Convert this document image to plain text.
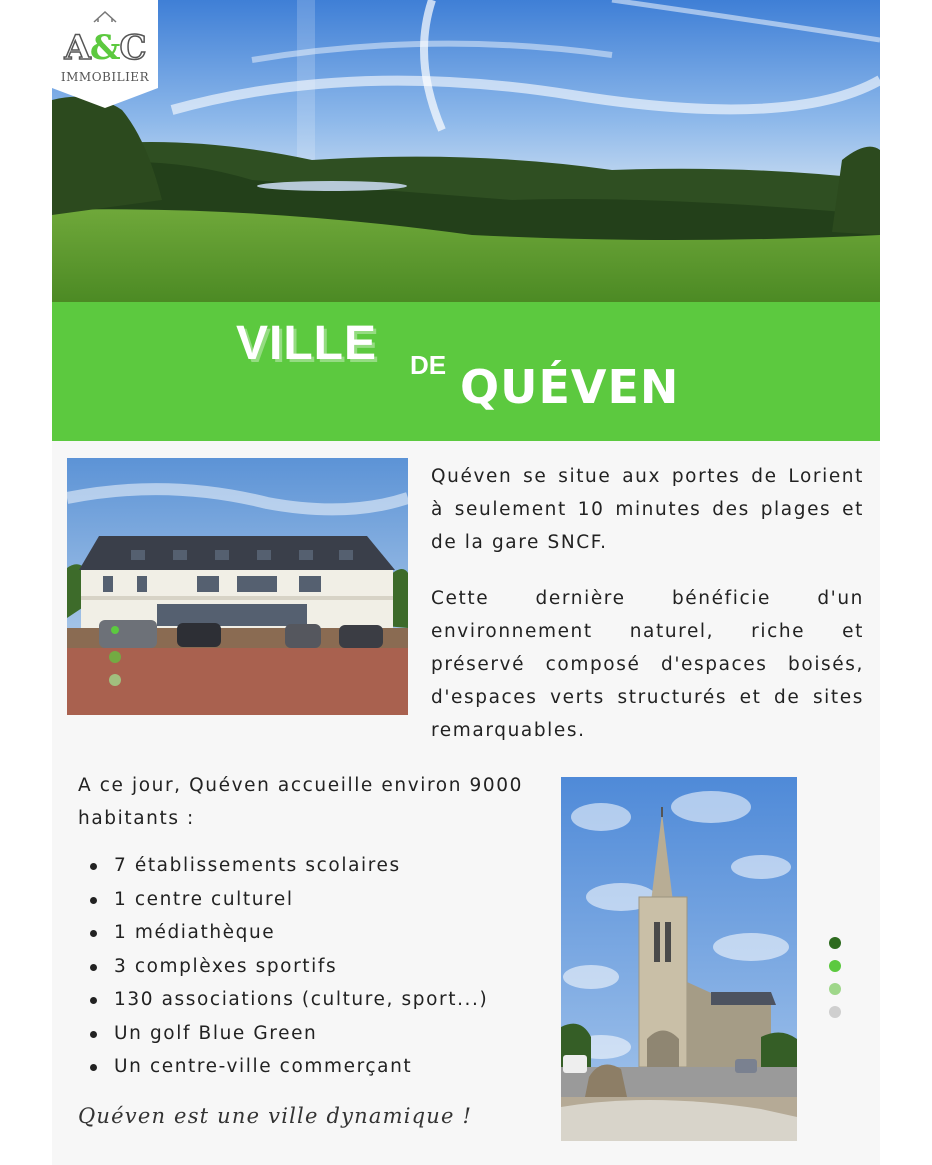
A&C
IMMOBILIER
VILLE DE QUÉVEN

Quéven se situe aux portes de Lorient à seulement 10 minutes des plages et de la gare SNCF.

Cette dernière bénéficie d'un environnement naturel, riche et préservé composé d'espaces boisés, d'espaces verts structurés et de sites remarquables.

A ce jour, Quéven accueille environ 9000 habitants :

7 établissements scolaires
1 centre culturel
1 médiathèque
3 complèxes sportifs
130 associations (culture, sport...)
Un golf Blue Green
Un centre-ville commerçant

Quéven est une ville dynamique !
